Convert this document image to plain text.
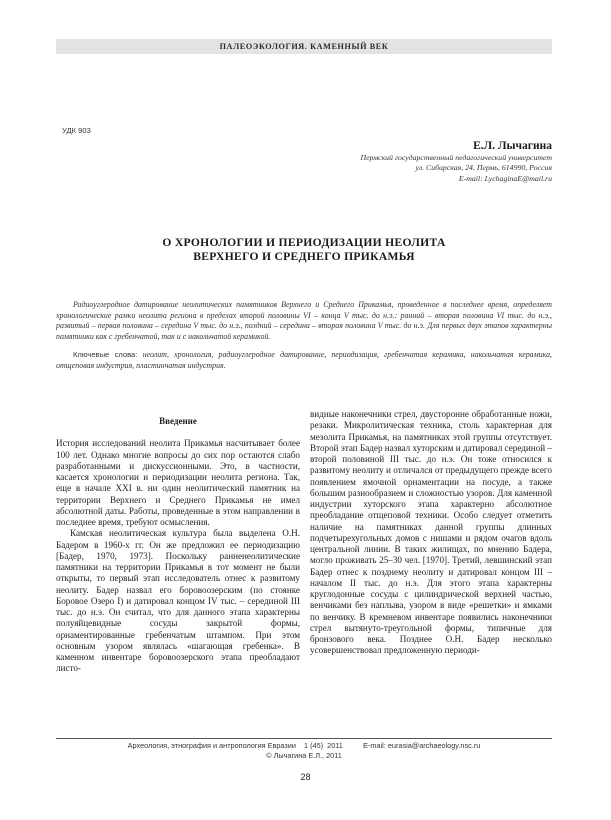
ПАЛЕОЭКОЛОГИЯ. КАМЕННЫЙ ВЕК
УДК 903
Е.Л. Лычагина
Пермский государственный педагогический университет
ул. Сибирская, 24, Пермь, 614990, Россия
E-mail: LychaginaE@mail.ru
О ХРОНОЛОГИИ И ПЕРИОДИЗАЦИИ НЕОЛИТА
ВЕРХНЕГО И СРЕДНЕГО ПРИКАМЬЯ
Радиоуглеродное датирование неолитических памятников Верхнего и Среднего Прикамья, проведенное в последнее время, определяет хронологические рамки неолита региона в пределах второй половины VI – конца V тыс. до н.э.: ранний – вторая половина VI тыс. до н.э., развитый – первая половина – середина V тыс. до н.э., поздний – середина – вторая половина V тыс. до н.э. Для первых двух этапов характерны памятники как с гребенчатой, так и с накольчатой керамикой.
Ключевые слова: неолит, хронология, радиоуглеродное датирование, периодизация, гребенчатая керамика, накольчатая керамика, отщеповая индустрия, пластинчатая индустрия.
Введение

История исследований неолита Прикамья насчитывает более 100 лет. Однако многие вопросы до сих пор остаются слабо разработанными и дискуссионными. Это, в частности, касается хронологии и периодизации неолита региона. Так, еще в начале XXI в. ни один неолитический памятник на территории Верхнего и Среднего Прикамья не имел абсолютной даты. Работы, проведенные в этом направлении в последнее время, требуют осмысления.

Камская неолитическая культура была выделена О.Н. Бадером в 1960-х гг. Он же предложил ее периодизацию [Бадер, 1970, 1973]. Поскольку ранненеолитические памятники на территории Прикамья в тот момент не были открыты, то первый этап исследователь отнес к развитому неолиту. Бадер назвал его боровоозерским (по стоянке Боровое Озеро I) и датировал концом IV тыс. – серединой III тыс. до н.э. Он считал, что для данного этапа характерны полуяйцевидные сосуды закрытой формы, орнаментированные гребенчатым штампом. При этом основным узором являлась «шагающая гребенка». В каменном инвентаре боровоозерского этапа преобладают листо-

видные наконечники стрел, двусторонне обработанные ножи, резаки. Микролитическая техника, столь характерная для мезолита Прикамья, на памятниках этой группы отсутствует. Второй этап Бадер назвал хуторским и датировал серединой – второй половиной III тыс. до н.э. Он тоже относился к развитому неолиту и отличался от предыдущего прежде всего появлением ямочной орнаментации на посуде, а также большим разнообразием и сложностью узоров. Для каменной индустрии хуторского этапа характерно абсолютное преобладание отщеповой техники. Особо следует отметить наличие на памятниках данной группы длинных подчетырехугольных домов с нишами и рядом очагов вдоль центральной линии. В таких жилищах, по мнению Бадера, могло проживать 25–30 чел. [1970]. Третий, левшинский этап Бадер отнес к позднему неолиту и датировал концом III – началом II тыс. до н.э. Для этого этапа характерны круглодонные сосуды с цилиндрической верхней частью, венчиками без наплыва, узором в виде «решетки» и ямками по венчику. В кремневом инвентаре появились наконечники стрел вытянуто-треугольной формы, типичные для бронзового века. Позднее О.Н. Бадер несколько усовершенствовал предложенную периоди-

Археология, этнография и антропология Евразии
1 (45)
2011
	E-mail: eurasia@archaeology.nsc.ru
© Лычагина Е.Л., 2011
28
